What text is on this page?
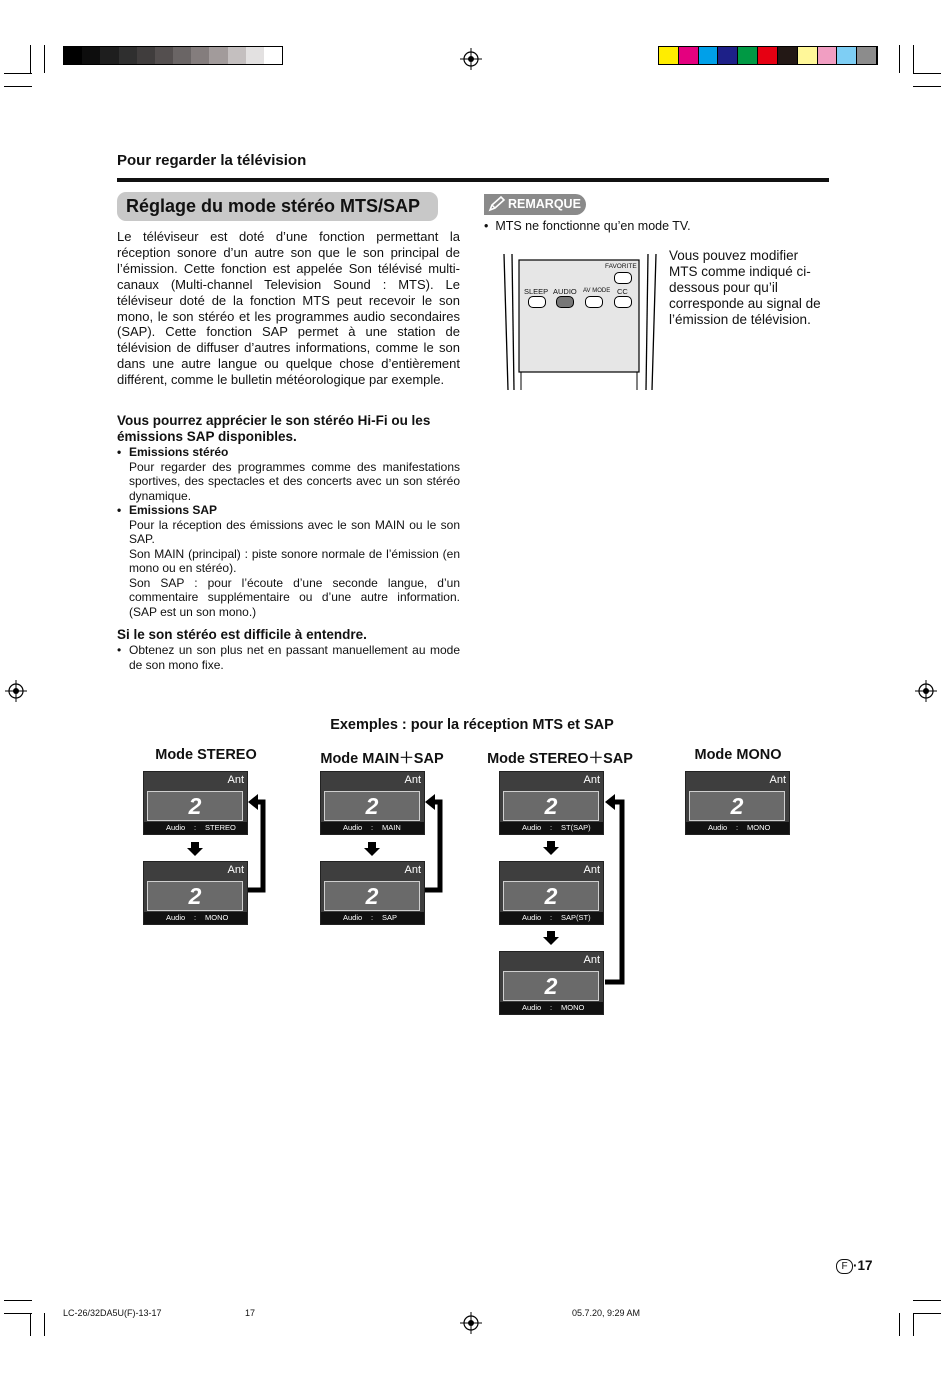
Pour regarder la télévision
Réglage du mode stéréo MTS/SAP
Le téléviseur est doté d’une fonction permettant la réception sonore d’un autre son que le son principal de l’émission. Cette fonction est appelée Son télévisé multi-canaux (Multi-channel Television Sound : MTS). Le téléviseur doté de la fonction MTS peut recevoir le son mono, le son stéréo et les programmes audio secondaires (SAP). Cette fonction SAP permet à une station de télévision de diffuser d’autres informations, comme le son dans une autre langue ou quelque chose d’entièrement différent, comme le bulletin météorologique par exemple.
Vous pourrez apprécier le son stéréo Hi-Fi ou les émissions SAP disponibles.
• Emissions stéréo
Pour regarder des programmes comme des manifestations sportives, des spectacles et des concerts avec un son stéréo dynamique.
• Emissions SAP
Pour la réception des émissions avec le son MAIN ou le son SAP.
Son MAIN (principal) : piste sonore normale de l’émission (en mono ou en stéréo).
Son SAP : pour l’écoute d’une seconde langue, d’un commentaire supplémentaire ou d’une autre information. (SAP est un son mono.)
Si le son stéréo est difficile à entendre.
• Obtenez un son plus net en passant manuellement au mode de son mono fixe.
REMARQUE
•  MTS ne fonctionne qu’en mode TV.
FAVORITE
SLEEP AUDIO AV MODE CC
Vous pouvez modifier MTS comme indiqué ci-dessous pour qu’il corresponde au signal de l’émission de télévision.
Exemples : pour la réception MTS et SAP
Mode STEREO	Mode MAIN＋SAP	Mode STEREO＋SAP	Mode MONO
Ant
2
Audio : STEREO
Ant
2
Audio : MONO
Ant
2
Audio : MAIN
Ant
2
Audio : SAP
Ant
2
Audio : ST(SAP)
Ant
2
Audio : SAP(ST)
Ant
2
Audio : MONO
Ant
2
Audio : MONO
F ·17
LC-26/32DA5U(F)-13-17	17	05.7.20, 9:29 AM
